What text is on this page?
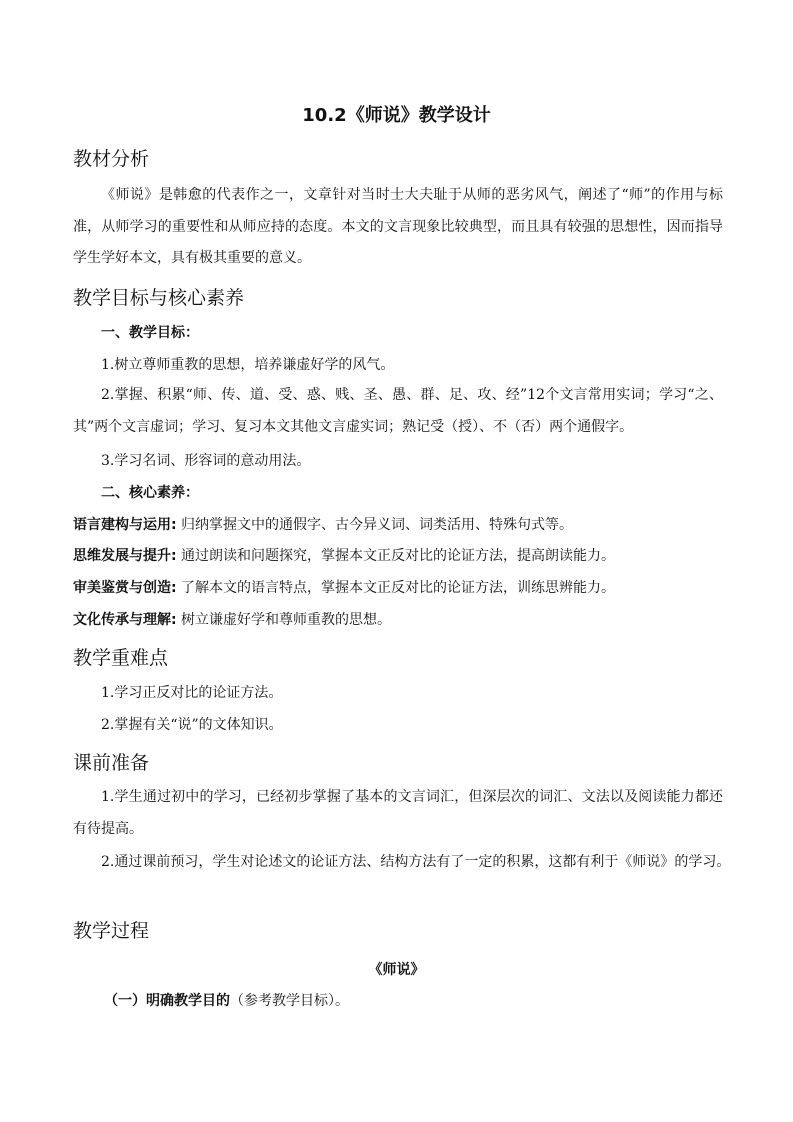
10.2《师说》教学设计
教材分析
《师说》是韩愈的代表作之一，文章针对当时士大夫耻于从师的恶劣风气，阐述了“师”的作用与标准，从师学习的重要性和从师应持的态度。本文的文言现象比较典型，而且具有较强的思想性，因而指导学生学好本文，具有极其重要的意义。
教学目标与核心素养
一、教学目标：
1.树立尊师重教的思想，培养谦虚好学的风气。
2.掌握、积累“师、传、道、受、惑、贱、圣、愚、群、足、攻、经”12个文言常用实词；学习“之、其”两个文言虚词；学习、复习本文其他文言虚实词；熟记受（授）、不（否）两个通假字。
3.学习名词、形容词的意动用法。
二、核心素养：
语言建构与运用: 归纳掌握文中的通假字、古今异义词、词类活用、特殊句式等。
思维发展与提升: 通过朗读和问题探究，掌握本文正反对比的论证方法，提高朗读能力。
审美鉴赏与创造: 了解本文的语言特点，掌握本文正反对比的论证方法，训练思辨能力。
文化传承与理解: 树立谦虚好学和尊师重教的思想。
教学重难点
1.学习正反对比的论证方法。
2.掌握有关“说”的文体知识。
课前准备
1.学生通过初中的学习，已经初步掌握了基本的文言词汇，但深层次的词汇、文法以及阅读能力都还有待提高。
2.通过课前预习，学生对论述文的论证方法、结构方法有了一定的积累，这都有利于《师说》的学习。
教学过程
《师说》
（一）明确教学目的（参考教学目标）。
